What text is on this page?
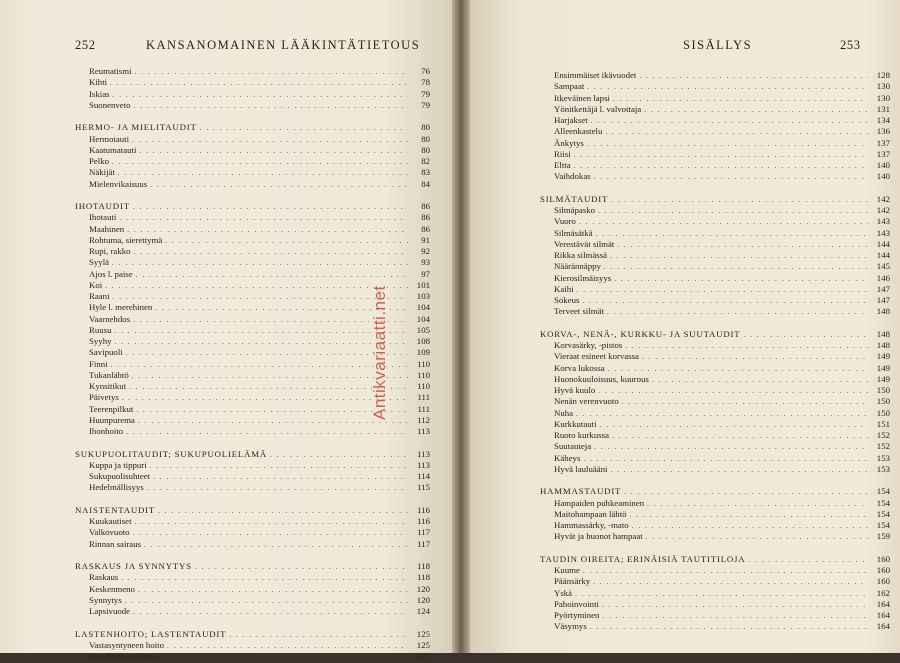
252	KANSANOMAINEN LÄÄKINTÄTIETOUS
Reumatismi . . .	76
Kihti . . .	78
Iskias . . .	79
Suonenveto . . .	79
HERMO- JA MIELITAUDIT . . .	80
Hermotauti . . .	80
Kaatumatauti . . .	80
Pelko . . .	82
Näkijät . . .	83
Mielenvikaisuus . . .	84
IHOTAUDIT . . .	86
Ihotauti . . .	86
Maahinen . . .	86
Rohtuma, sierettymä . . .	91
Rupi, rakko . . .	92
Syylä . . .	93
Ajos l. paise . . .	97
Koi . . .	101
Raani . . .	103
Hyle l. merehinen . . .	104
Vaarnehdos . . .	104
Ruusu . . .	105
Syyhy . . .	108
Savipuoli . . .	109
Finni . . .	110
Tukanlähtö . . .	110
Kynsitikut . . .	110
Päivetys . . .	111
Teerenpilkut . . .	111
Huunpurema . . .	112
Ihonhoito . . .	113
SUKUPUOLITAUDIT; SUKUPUOLIELÄMÄ . . .	113
Kuppa ja tippuri . . .	113
Sukupuolisuhteet . . .	114
Hedelmällisyys . . .	115
NAISTENTAUDIT . . .	116
Kuukautiset . . .	116
Valkovuoto . . .	117
Rinnan sairaus . . .	117
RASKAUS JA SYNNYTYS . . .	118
Raskaus . . .	118
Keskenmeno . . .	120
Synnytys . . .	120
Lapsivuode . . .	124
LASTENHOITO; LASTENTAUDIT . . .	125
Vastasyntyneen hoito . . .	125
Imeväisen ruokinta . . .	127
SISÄLLYS	253
Ensimmäiset ikävuodet . . .	128
Sampaat . . .	130
Itkeväinen lapsi . . .	130
Yönitkettäjä l. valvottaja . . .	131
Harjakset . . .	134
Alleenkastelu . . .	136
Änkytys . . .	137
Riisi . . .	137
Eltta . . .	140
Vaihdokas . . .	140
SILMÄTAUDIT . . .	142
Silmäpasko . . .	142
Vuoro . . .	143
Silmäsätkä . . .	143
Verestävät silmät . . .	144
Rikka silmässä . . .	144
Näärännäppy . . .	145
Kierosilmäisyys . . .	146
Kaihi . . .	147
Sokeus . . .	147
Terveet silmät . . .	148
KORVA-, NENÄ-, KURKKU- JA SUUTAUDIT . . .	148
Korvasärky, -pistos . . .	148
Vieraat esineet korvassa . . .	149
Korva lukossa . . .	149
Huonokuuloisuus, kuurous . . .	149
Hyvä kuulo . . .	150
Nenän verenvuoto . . .	150
Nuha . . .	150
Kurkkutauti . . .	151
Ruoto kurkussa . . .	152
Suutauteja . . .	152
Käheys . . .	153
Hyvä lauluääni . . .	153
HAMMASTAUDIT . . .	154
Hampaiden puhkeaminen . . .	154
Maitohampaan lähtö . . .	154
Hammassärky, -mato . . .	154
Hyvät ja huonot hampaat . . .	159
TAUDIN OIREITA; ERINÄISIÄ TAUTITILOJA . . .	160
Kuume . . .	160
Päänsärky . . .	160
Yskä . . .	162
Pahoinvointi . . .	164
Pyörtyminen . . .	164
Väsymys . . .	164
Antikvariaatti.net
